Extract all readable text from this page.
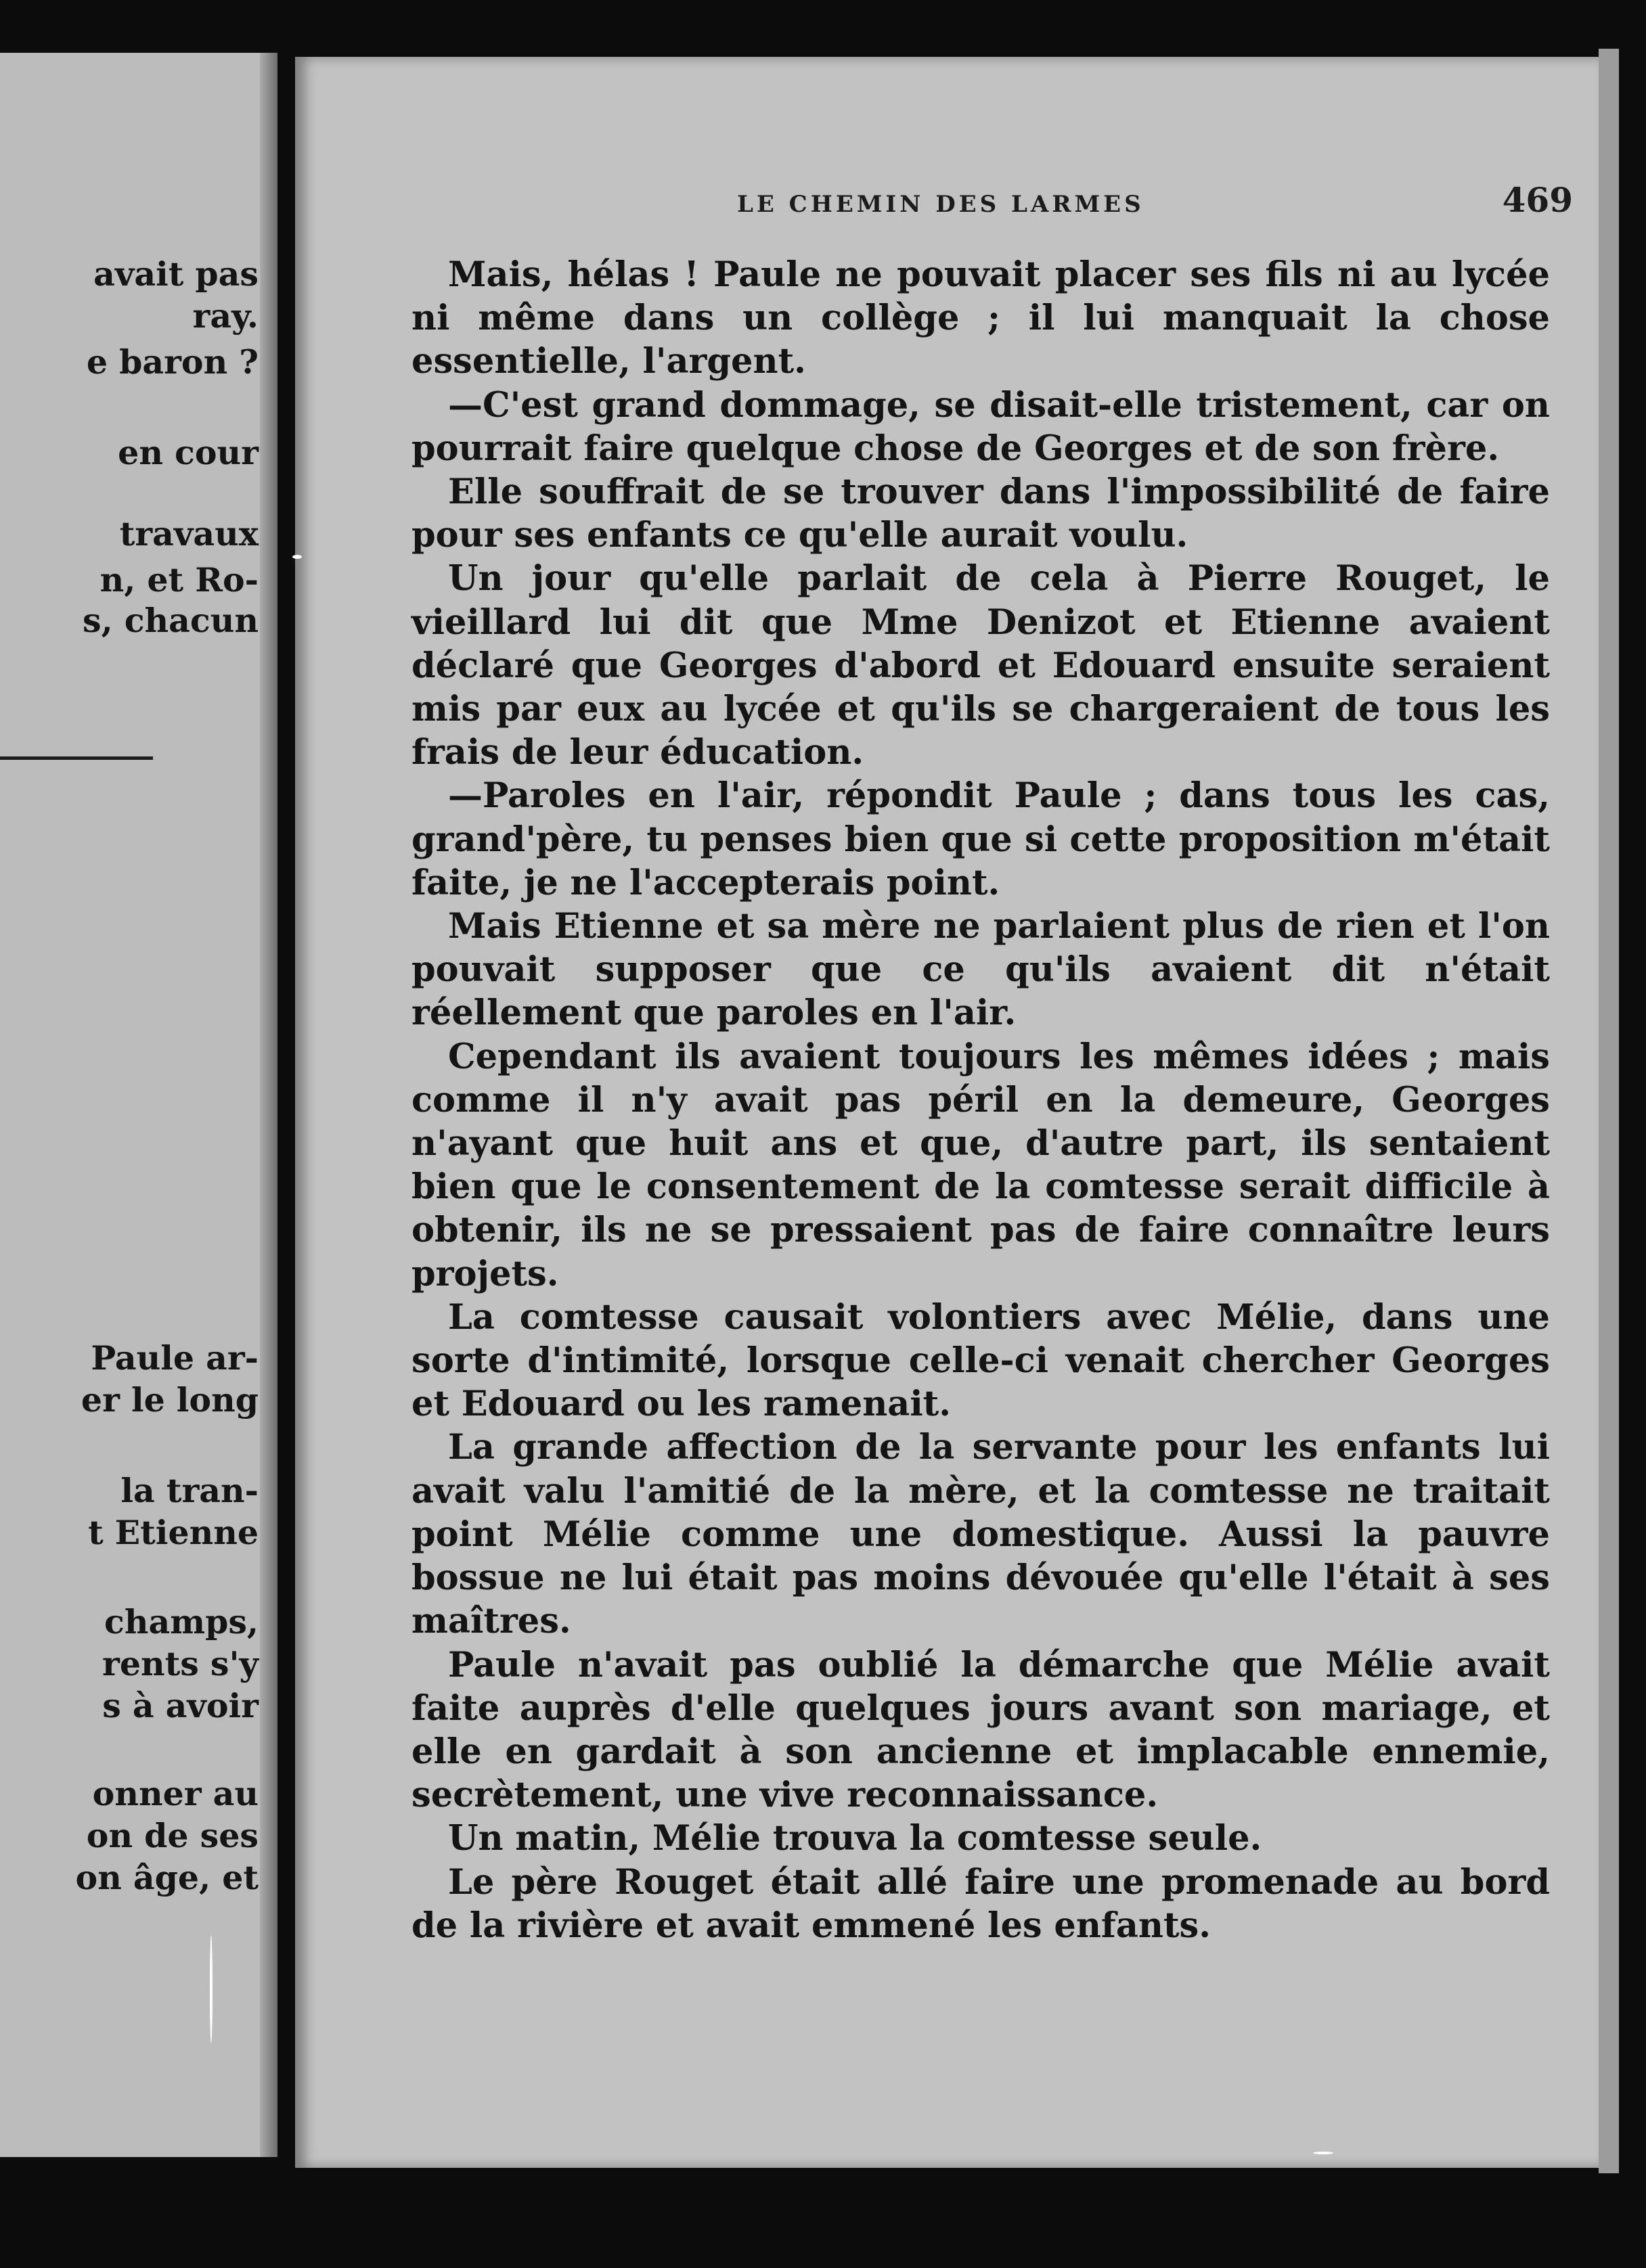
avait pas
ray.
e baron ?
en cour
travaux
n, et Ro-
s, chacun
Paule ar-
er le long
la tran-
t Etienne
champs,
rents s'y
s à avoir
onner au
on de ses
on âge, et
LE CHEMIN DES LARMES	469

Mais, hélas ! Paule ne pouvait placer ses fils ni au lycée ni même dans un collège ; il lui manquait la chose essentielle, l'argent.

—C'est grand dommage, se disait-elle tristement, car on pourrait faire quelque chose de Georges et de son frère.

Elle souffrait de se trouver dans l'impossibilité de faire pour ses enfants ce qu'elle aurait voulu.

Un jour qu'elle parlait de cela à Pierre Rouget, le vieillard lui dit que Mme Denizot et Etienne avaient déclaré que Georges d'abord et Edouard ensuite seraient mis par eux au lycée et qu'ils se chargeraient de tous les frais de leur éducation.

—Paroles en l'air, répondit Paule ; dans tous les cas, grand'père, tu penses bien que si cette proposition m'était faite, je ne l'accepterais point.

Mais Etienne et sa mère ne parlaient plus de rien et l'on pouvait supposer que ce qu'ils avaient dit n'était réellement que paroles en l'air.

Cependant ils avaient toujours les mêmes idées ; mais comme il n'y avait pas péril en la demeure, Georges n'ayant que huit ans et que, d'autre part, ils sentaient bien que le consentement de la comtesse serait difficile à obtenir, ils ne se pressaient pas de faire connaître leurs projets.

La comtesse causait volontiers avec Mélie, dans une sorte d'intimité, lorsque celle-ci venait chercher Georges et Edouard ou les ramenait.

La grande affection de la servante pour les enfants lui avait valu l'amitié de la mère, et la comtesse ne traitait point Mélie comme une domestique. Aussi la pauvre bossue ne lui était pas moins dévouée qu'elle l'était à ses maîtres.

Paule n'avait pas oublié la démarche que Mélie avait faite auprès d'elle quelques jours avant son mariage, et elle en gardait à son ancienne et implacable ennemie, secrètement, une vive reconnaissance.

Un matin, Mélie trouva la comtesse seule.

Le père Rouget était allé faire une promenade au bord de la rivière et avait emmené les enfants.
